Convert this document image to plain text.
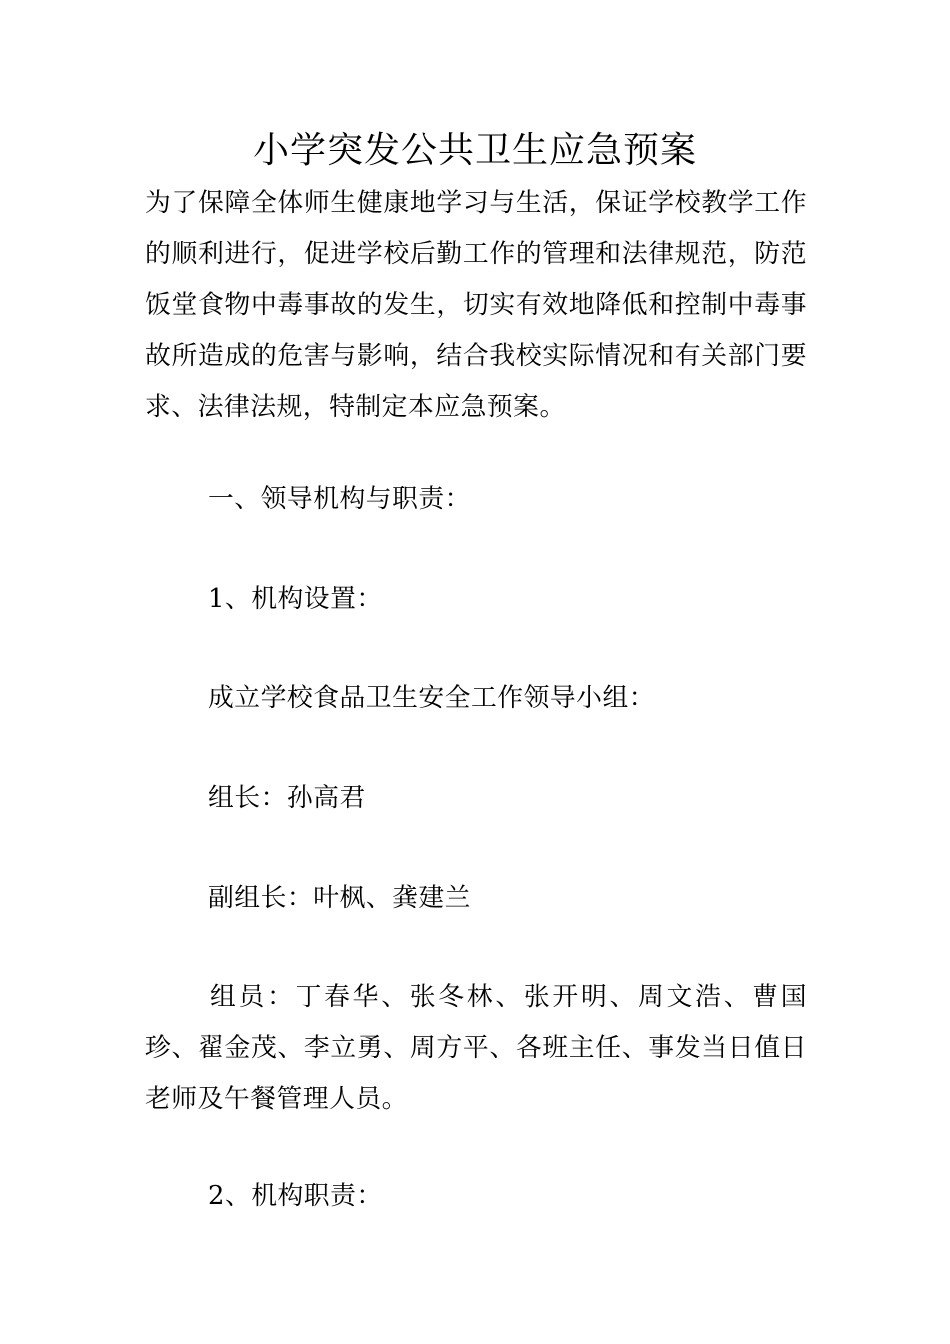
小学突发公共卫生应急预案

为了保障全体师生健康地学习与生活，保证学校教学工作的顺利进行，促进学校后勤工作的管理和法律规范，防范饭堂食物中毒事故的发生，切实有效地降低和控制中毒事故所造成的危害与影响，结合我校实际情况和有关部门要求、法律法规，特制定本应急预案。

一、领导机构与职责：

1、机构设置：

成立学校食品卫生安全工作领导小组：

组长：孙高君

副组长：叶枫、龚建兰

组员：丁春华、张冬林、张开明、周文浩、曹国珍、翟金茂、李立勇、周方平、各班主任、事发当日值日老师及午餐管理人员。

2、机构职责：
